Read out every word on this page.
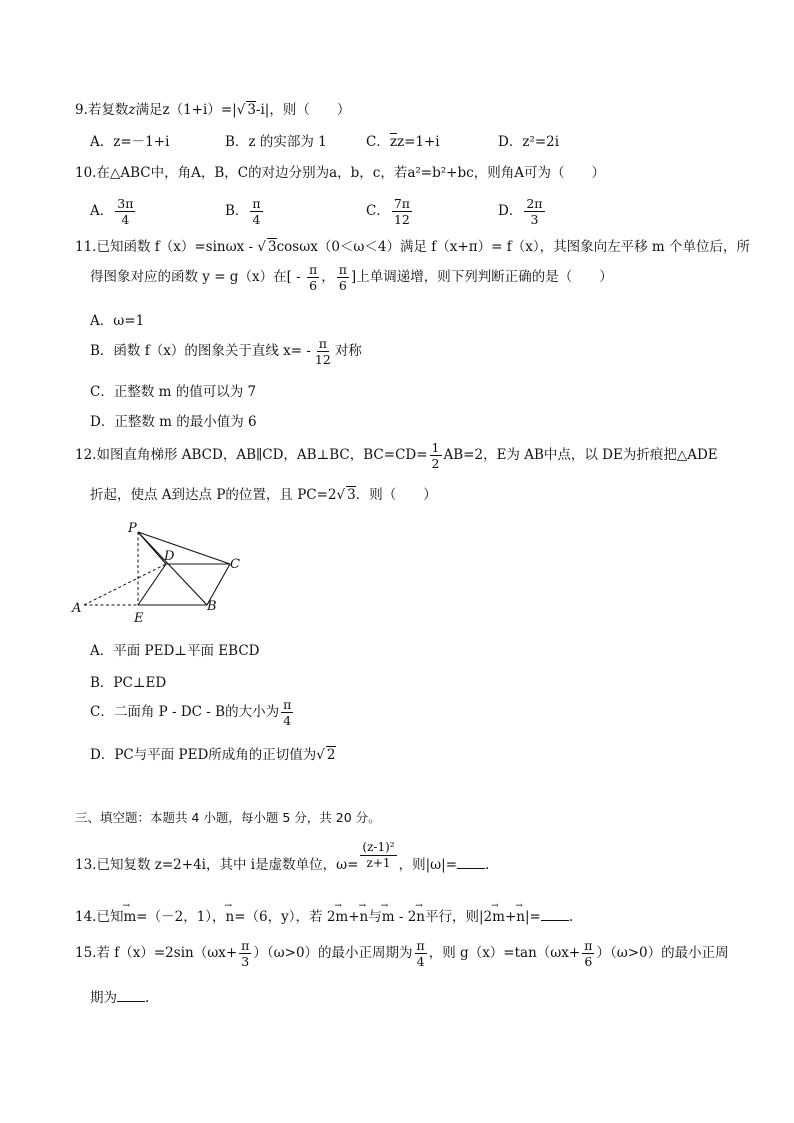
9.若复数z满足z（1+i）=|√ 3-i|，则（　　）
A．z=－1+i	B．z 的实部为 1	C．$\overline{z}z=1+i$	D．z²=2i
10.在△ABC中，角A，B，C的对边分别为a，b，c，若a²=b²+bc，则角A可为（　　）
A． $\frac{3\pi}{4}$	B． $\frac{\pi}{4}$	C． $\frac{7\pi}{12}$	D． $\frac{2\pi}{3}$
11.已知函数 f（x）=sinωx - √ 3cosωx（0＜ω＜4）满足 f（x+π）= f（x），其图象向左平移 m 个单位后，所
得图象对应的函数 y = g（x）在[ - $\frac{\pi}{6}$ ， $\frac{\pi}{6}$ ]上单调递增，则下列判断正确的是（　　）
A．ω=1
B．函数 f（x）的图象关于直线 $x= - \frac{\pi}{12}$ 对称
C．正整数 m 的值可以为 7
D．正整数 m 的最小值为 6
12.如图直角梯形 ABCD，AB∥CD，AB⊥BC，$BC=CD= \frac{1}{2} AB=2$，E为 AB中点，以 DE为折痕把△ADE
折起，使点 A到达点 P的位置，且 PC=2√ 3．则（　　）
P
D
C
A
E
B
A．平面 PED⊥平面 EBCD
B．PC⊥ED
C．二面角 P - DC - B的大小为 $\frac{\pi}{4}$
D．PC与平面 PED所成角的正切值为√ 2
三、填空题：本题共 4 小题，每小题 5 分，共 20 分。
13.已知复数 z=2+4i，其中 i是虚数单位，$\omega= \frac{\text{(z-1)²}}{z+1}$ ，则|ω|= .
14.已知→ m=（－2，1），→ n=（6，y），若 2→ m+→ n与→ m - 2→ n平行，则|2→ m+→ n|= .
15.若 $f(x)=2\sin(\omega x+ \frac{\pi}{3} )(\omega>0)$的最小正周期为 $\frac{\pi}{4}$ ，则 $g(x)=\tan(\omega x+ \frac{\pi}{6} )(\omega>0)$的最小正周
期为 .
